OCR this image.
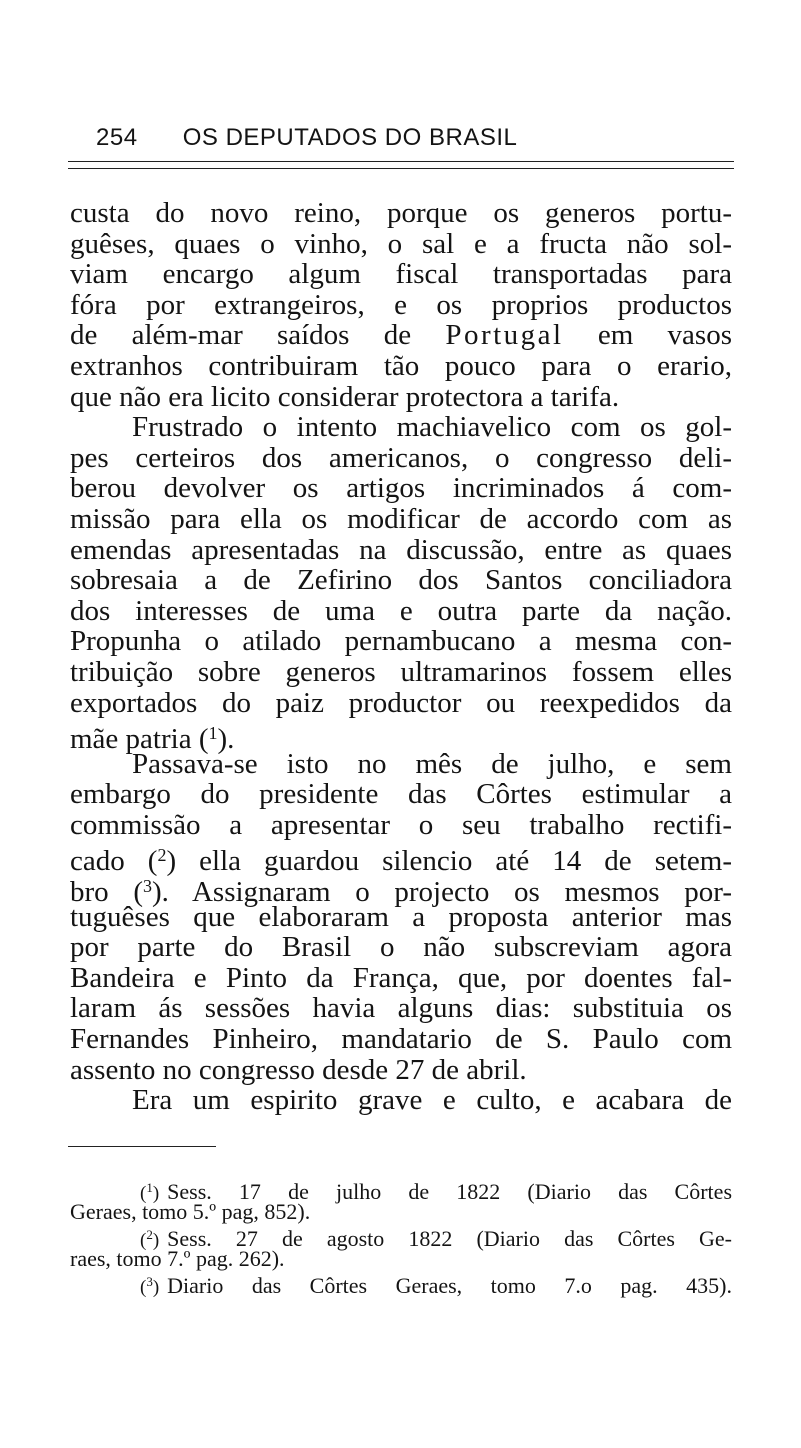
254 OS DEPUTADOS DO BRASIL
custa do novo reino, porque os generos portu-
guêses, quaes o vinho, o sal e a fructa não sol-
viam encargo algum fiscal transportadas para
fóra por extrangeiros, e os proprios productos
de além-mar saídos de Portugal em vasos
extranhos contribuiram tão pouco para o erario,
que não era licito considerar protectora a tarifa.
Frustrado o intento machiavelico com os gol-
pes certeiros dos americanos, o congresso deli-
berou devolver os artigos incriminados á com-
missão para ella os modificar de accordo com as
emendas apresentadas na discussão, entre as quaes
sobresaia a de Zefirino dos Santos conciliadora
dos interesses de uma e outra parte da nação.
Propunha o atilado pernambucano a mesma con-
tribuição sobre generos ultramarinos fossem elles
exportados do paiz productor ou reexpedidos da
mãe patria ($^1$).
Passava-se isto no mês de julho, e sem
embargo do presidente das Côrtes estimular a
commissão a apresentar o seu trabalho rectifi-
cado ($^2$) ella guardou silencio até 14 de setem-
bro ($^3$). Assignaram o projecto os mesmos por-
tuguêses que elaboraram a proposta anterior mas
por parte do Brasil o não subscreviam agora
Bandeira e Pinto da França, que, por doentes fal-
laram ás sessões havia alguns dias: substituia os
Fernandes Pinheiro, mandatario de S. Paulo com
assento no congresso desde 27 de abril.
Era um espirito grave e culto, e acabara de
($^1$) Sess. 17 de julho de 1822 (Diario das Côrtes
Geraes, tomo 5.º pag, 852).
($^2$) Sess. 27 de agosto 1822 (Diario das Côrtes Ge-
raes, tomo 7.º pag. 262).
($^3$) Diario das Côrtes Geraes, tomo 7.o pag. 435).
